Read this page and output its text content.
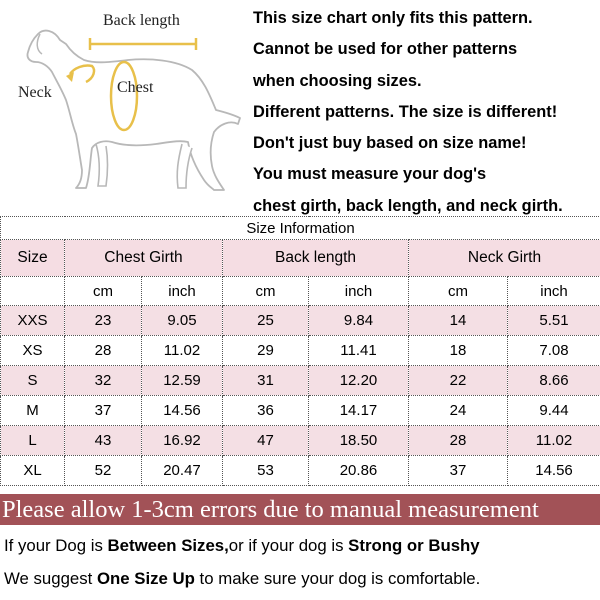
Back length
Neck	Chest
This size chart only fits this pattern.
Cannot be used for other patterns
when choosing sizes.
Different patterns. The size is different!
Don't just buy based on size name!
You must measure your dog's
chest girth, back length, and neck girth.
Size Information						
Size	Chest Girth		Back length		Neck Girth	
	cm	inch	cm	inch	cm	inch
XXS	23	9.05	25	9.84	14	5.51
XS	28	11.02	29	11.41	18	7.08
S	32	12.59	31	12.20	22	8.66
M	37	14.56	36	14.17	24	9.44
L	43	16.92	47	18.50	28	11.02
XL	52	20.47	53	20.86	37	14.56
Please allow 1-3cm errors due to manual measurement
If your Dog is Between Sizes,or if your dog is Strong or Bushy
We suggest One Size Up to make sure your dog is comfortable.
